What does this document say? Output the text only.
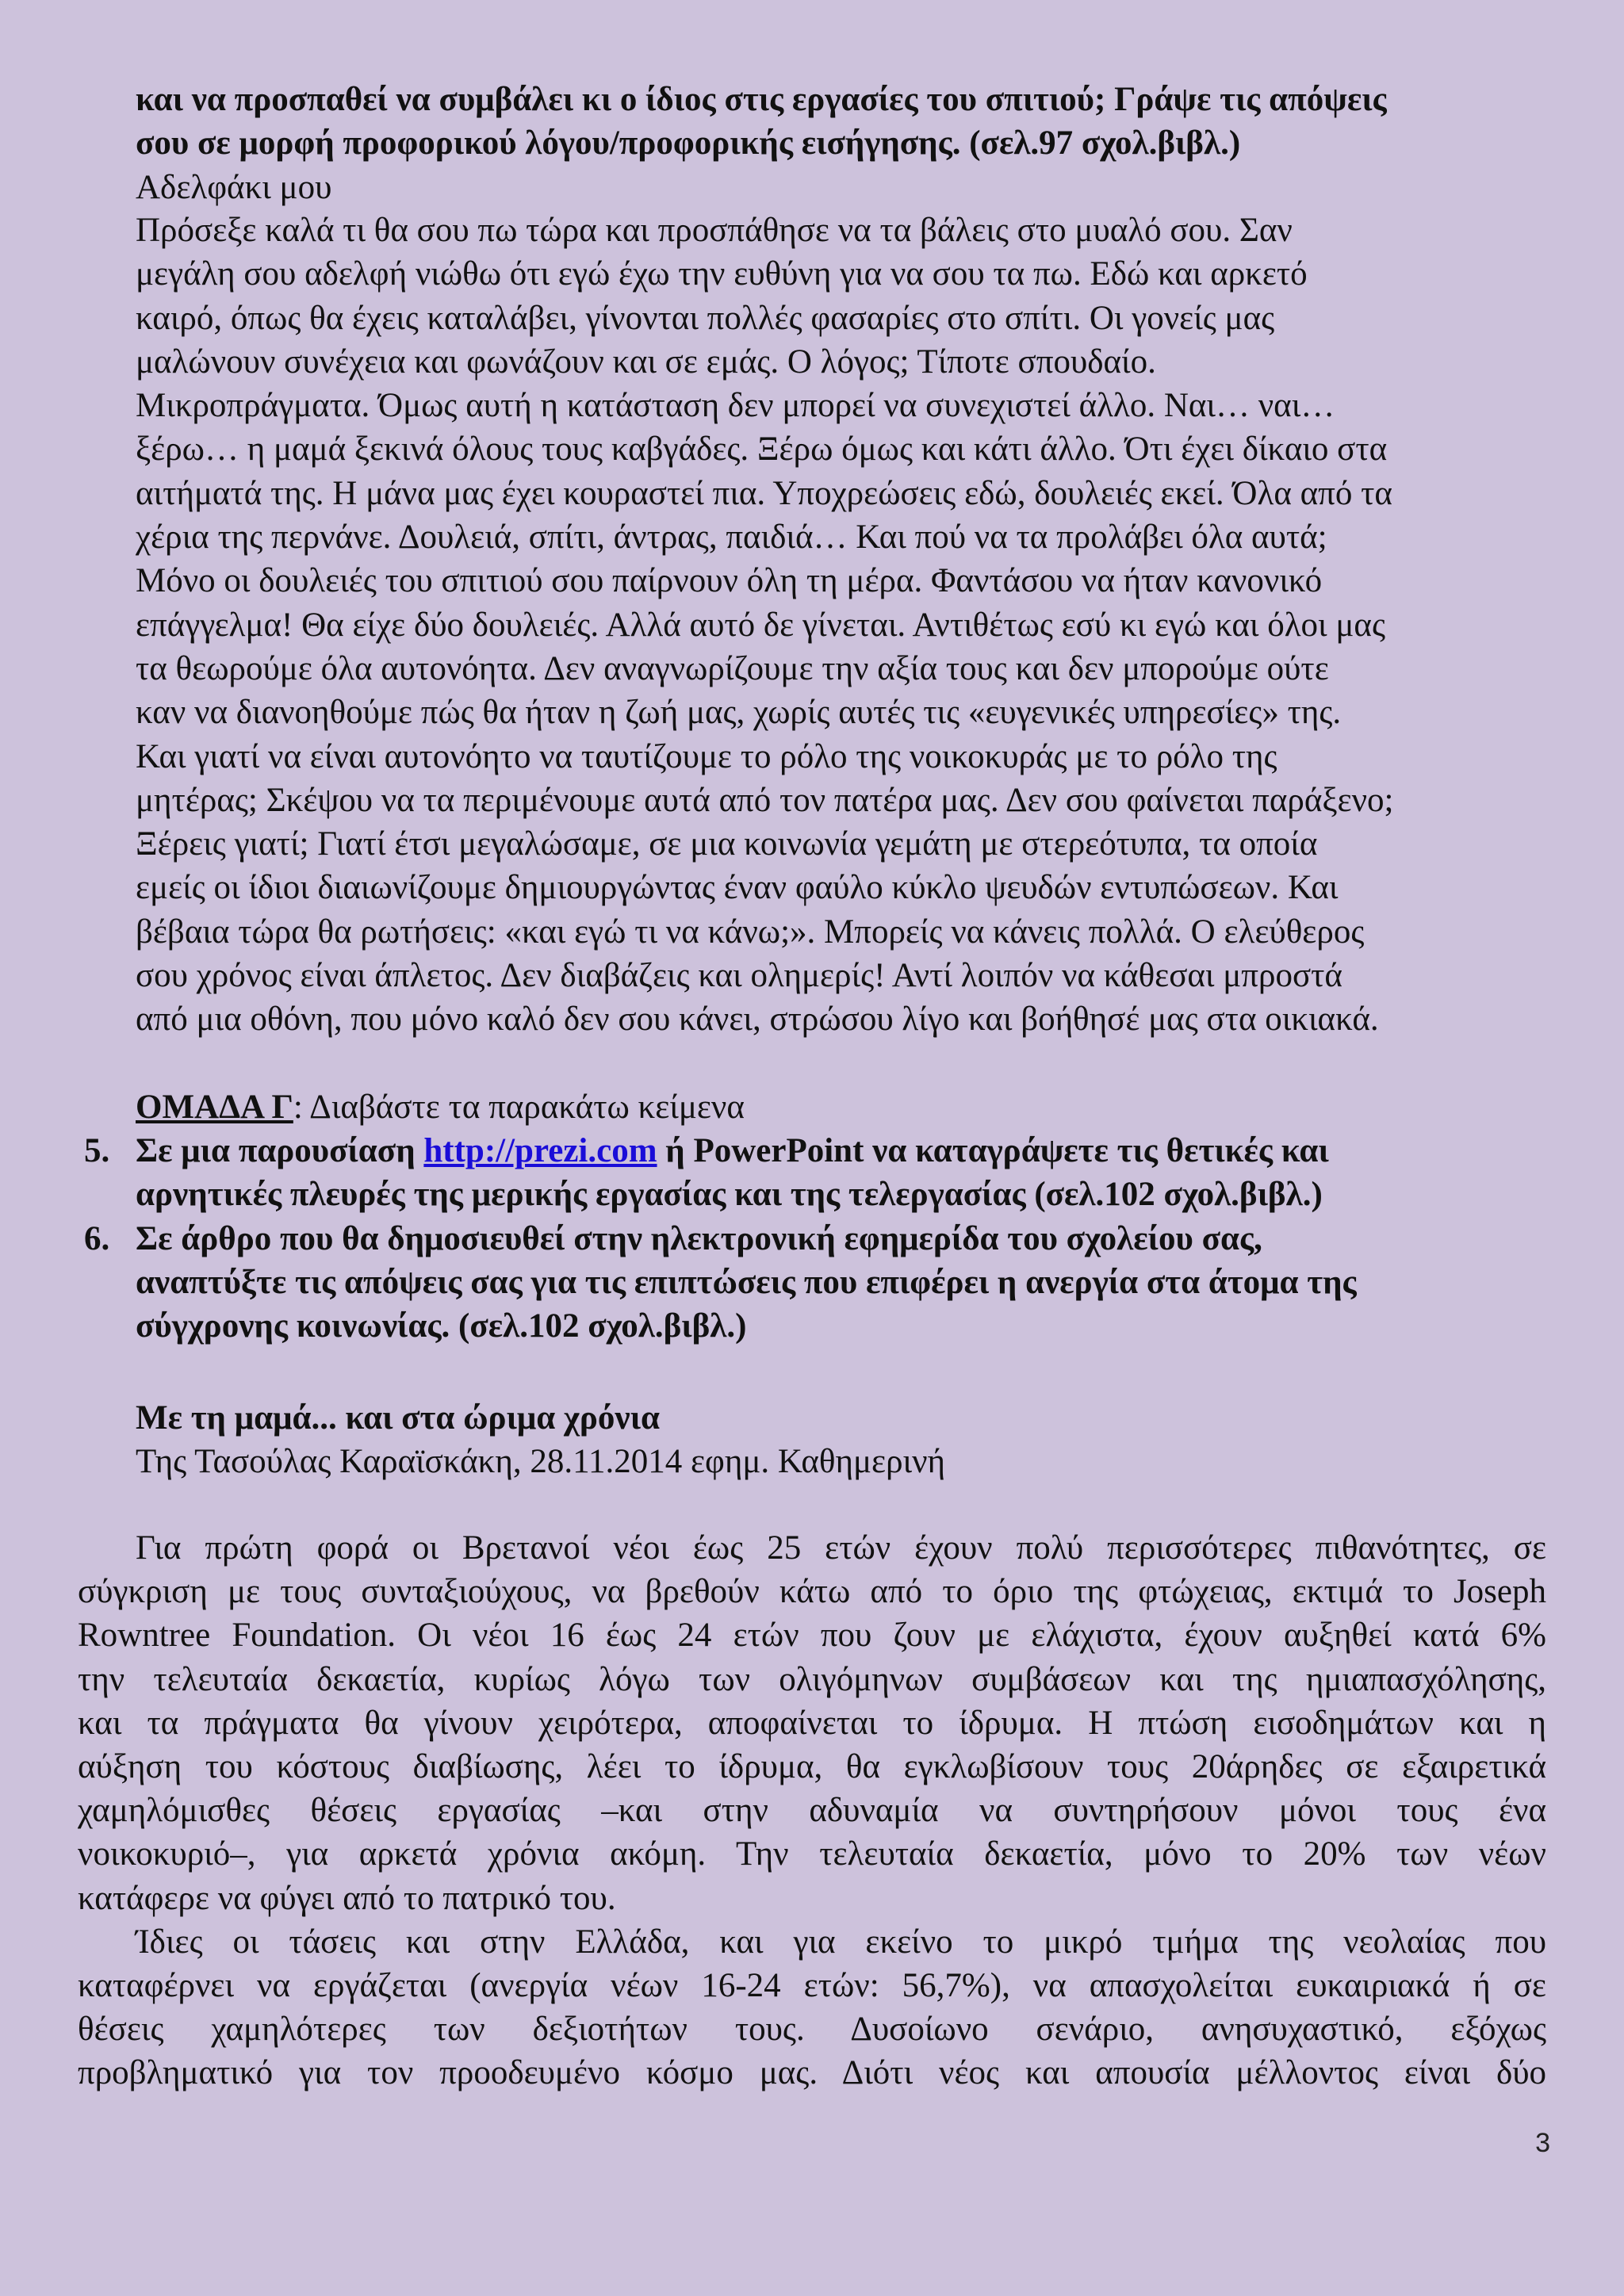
και να προσπαθεί να συμβάλει κι ο ίδιος στις εργασίες του σπιτιού; Γράψε τις απόψεις
σου σε μορφή προφορικού λόγου/προφορικής εισήγησης. (σελ.97 σχολ.βιβλ.)
Αδελφάκι μου
Πρόσεξε καλά τι θα σου πω τώρα και προσπάθησε να τα βάλεις στο μυαλό σου. Σαν
μεγάλη σου αδελφή νιώθω ότι εγώ έχω την ευθύνη για να σου τα πω. Εδώ και αρκετό
καιρό, όπως θα έχεις καταλάβει, γίνονται πολλές φασαρίες στο σπίτι. Οι γονείς μας
μαλώνουν συνέχεια και φωνάζουν και σε εμάς. Ο λόγος; Τίποτε σπουδαίο.
Μικροπράγματα. Όμως αυτή η κατάσταση δεν μπορεί να συνεχιστεί άλλο. Ναι… ναι…
ξέρω… η μαμά ξεκινά όλους τους καβγάδες. Ξέρω όμως και κάτι άλλο. Ότι έχει δίκαιο στα
αιτήματά της. Η μάνα μας έχει κουραστεί πια. Υποχρεώσεις εδώ, δουλειές εκεί. Όλα από τα
χέρια της περνάνε. Δουλειά, σπίτι, άντρας, παιδιά… Και πού να τα προλάβει όλα αυτά;
Μόνο οι δουλειές του σπιτιού σου παίρνουν όλη τη μέρα. Φαντάσου να ήταν κανονικό
επάγγελμα! Θα είχε δύο δουλειές. Αλλά αυτό δε γίνεται. Αντιθέτως εσύ κι εγώ και όλοι μας
τα θεωρούμε όλα αυτονόητα. Δεν αναγνωρίζουμε την αξία τους και δεν μπορούμε ούτε
καν να διανοηθούμε πώς θα ήταν η ζωή μας, χωρίς αυτές τις «ευγενικές υπηρεσίες» της.
Και γιατί να είναι αυτονόητο να ταυτίζουμε το ρόλο της νοικοκυράς με το ρόλο της
μητέρας; Σκέψου να τα περιμένουμε αυτά από τον πατέρα μας. Δεν σου φαίνεται παράξενο;
Ξέρεις γιατί; Γιατί έτσι μεγαλώσαμε, σε μια κοινωνία γεμάτη με στερεότυπα, τα οποία
εμείς οι ίδιοι διαιωνίζουμε δημιουργώντας έναν φαύλο κύκλο ψευδών εντυπώσεων. Και
βέβαια τώρα θα ρωτήσεις: «και εγώ τι να κάνω;». Μπορείς να κάνεις πολλά. Ο ελεύθερος
σου χρόνος είναι άπλετος. Δεν διαβάζεις και ολημερίς! Αντί λοιπόν να κάθεσαι μπροστά
από μια οθόνη, που μόνο καλό δεν σου κάνει, στρώσου λίγο και βοήθησέ μας στα οικιακά.
ΟΜΑΔΑ Γ: Διαβάστε τα παρακάτω κείμενα
5. Σε μια παρουσίαση http://prezi.com ή PowerPoint να καταγράψετε τις θετικές και
αρνητικές πλευρές της μερικής εργασίας και της τελεργασίας (σελ.102 σχολ.βιβλ.)
6. Σε άρθρο που θα δημοσιευθεί στην ηλεκτρονική εφημερίδα του σχολείου σας,
αναπτύξτε τις απόψεις σας για τις επιπτώσεις που επιφέρει η ανεργία στα άτομα της
σύγχρονης κοινωνίας. (σελ.102 σχολ.βιβλ.)
Με τη μαμά... και στα ώριμα χρόνια
Της Τασούλας Καραϊσκάκη, 28.11.2014 εφημ. Καθημερινή
Για πρώτη φορά οι Βρετανοί νέοι έως 25 ετών έχουν πολύ περισσότερες πιθανότητες, σε
σύγκριση με τους συνταξιούχους, να βρεθούν κάτω από το όριο της φτώχειας, εκτιμά το Joseph
Rowntree Foundation. Οι νέοι 16 έως 24 ετών που ζουν με ελάχιστα, έχουν αυξηθεί κατά 6%
την τελευταία δεκαετία, κυρίως λόγω των ολιγόμηνων συμβάσεων και της ημιαπασχόλησης,
και τα πράγματα θα γίνουν χειρότερα, αποφαίνεται το ίδρυμα. Η πτώση εισοδημάτων και η
αύξηση του κόστους διαβίωσης, λέει το ίδρυμα, θα εγκλωβίσουν τους 20άρηδες σε εξαιρετικά
χαμηλόμισθες θέσεις εργασίας –και στην αδυναμία να συντηρήσουν μόνοι τους ένα
νοικοκυριό–, για αρκετά χρόνια ακόμη. Την τελευταία δεκαετία, μόνο το 20% των νέων
κατάφερε να φύγει από το πατρικό του.
Ίδιες οι τάσεις και στην Ελλάδα, και για εκείνο το μικρό τμήμα της νεολαίας που
καταφέρνει να εργάζεται (ανεργία νέων 16-24 ετών: 56,7%), να απασχολείται ευκαιριακά ή σε
θέσεις χαμηλότερες των δεξιοτήτων τους. Δυσοίωνο σενάριο, ανησυχαστικό, εξόχως
προβληματικό για τον προοδευμένο κόσμο μας. Διότι νέος και απουσία μέλλοντος είναι δύο
3
